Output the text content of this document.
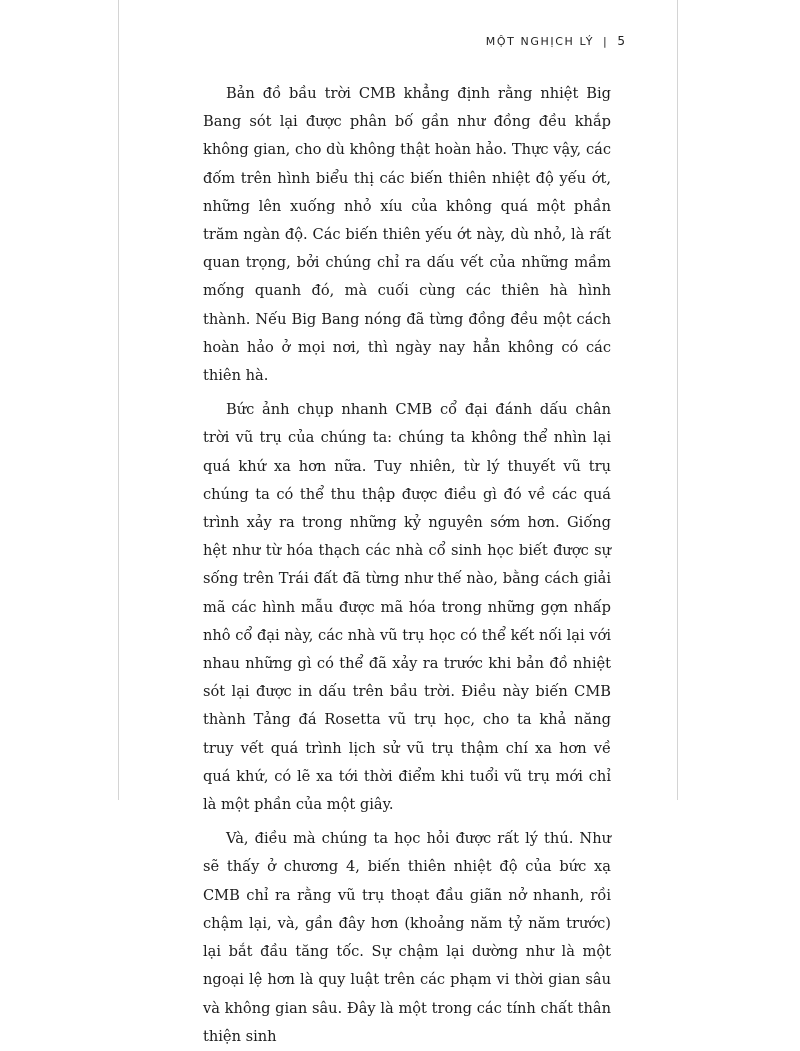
MỘT NGHỊCH LÝ | 5

Bản đồ bầu trời CMB khẳng định rằng nhiệt Big Bang sót lại được phân bố gần như đồng đều khắp không gian, cho dù không thật hoàn hảo. Thực vậy, các đốm trên hình biểu thị các biến thiên nhiệt độ yếu ớt, những lên xuống nhỏ xíu của không quá một phần trăm ngàn độ. Các biến thiên yếu ớt này, dù nhỏ, là rất quan trọng, bởi chúng chỉ ra dấu vết của những mầm mống quanh đó, mà cuối cùng các thiên hà hình thành. Nếu Big Bang nóng đã từng đồng đều một cách hoàn hảo ở mọi nơi, thì ngày nay hẳn không có các thiên hà.

Bức ảnh chụp nhanh CMB cổ đại đánh dấu chân trời vũ trụ của chúng ta: chúng ta không thể nhìn lại quá khứ xa hơn nữa. Tuy nhiên, từ lý thuyết vũ trụ chúng ta có thể thu thập được điều gì đó về các quá trình xảy ra trong những kỷ nguyên sớm hơn. Giống hệt như từ hóa thạch các nhà cổ sinh học biết được sự sống trên Trái đất đã từng như thế nào, bằng cách giải mã các hình mẫu được mã hóa trong những gợn nhấp nhô cổ đại này, các nhà vũ trụ học có thể kết nối lại với nhau những gì có thể đã xảy ra trước khi bản đồ nhiệt sót lại được in dấu trên bầu trời. Điều này biến CMB thành Tảng đá Rosetta vũ trụ học, cho ta khả năng truy vết quá trình lịch sử vũ trụ thậm chí xa hơn về quá khứ, có lẽ xa tới thời điểm khi tuổi vũ trụ mới chỉ là một phần của một giây.

Và, điều mà chúng ta học hỏi được rất lý thú. Như sẽ thấy ở chương 4, biến thiên nhiệt độ của bức xạ CMB chỉ ra rằng vũ trụ thoạt đầu giãn nở nhanh, rồi chậm lại, và, gần đây hơn (khoảng năm tỷ năm trước) lại bắt đầu tăng tốc. Sự chậm lại dường như là một ngoại lệ hơn là quy luật trên các phạm vi thời gian sâu và không gian sâu. Đây là một trong các tính chất thân thiện sinh
